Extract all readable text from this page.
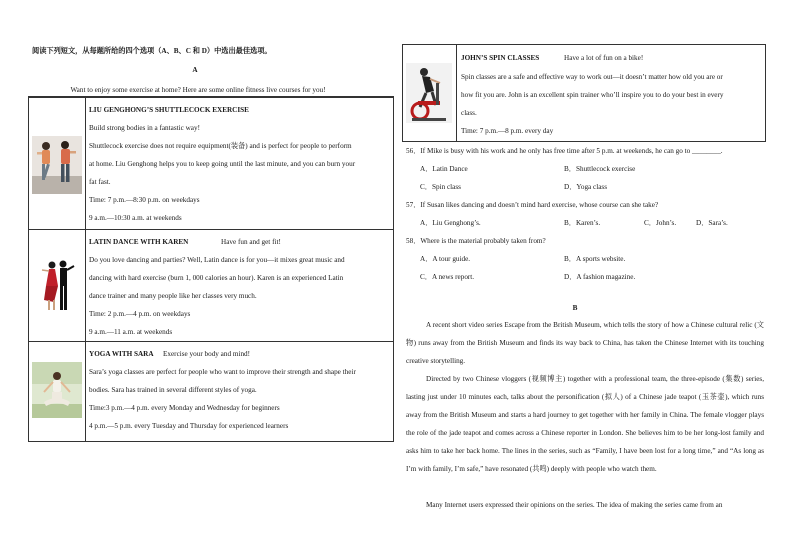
阅读下列短文，从每题所给的四个选项（A、B、C 和 D）中选出最佳选项。
A
Want to enjoy some exercise at home? Here are some online fitness live courses for you!
LIU GENGHONG’S SHUTTLECOCK EXERCISE
Build strong bodies in a fantastic way!
Shuttlecock exercise does not require equipment(装备) and is perfect for people to perform
at home. Liu Genghong helps you to keep going until the last minute, and you can burn your
fat fast.
Time: 7 p.m.—8:30 p.m. on weekdays
9 a.m.—10:30 a.m. at weekends
LATIN DANCE WITH KAREN	Have fun and get fit!
Do you love dancing and parties? Well, Latin dance is for you—it mixes great music and
dancing with hard exercise (burn 1, 000 calories an hour). Karen is an experienced Latin
dance trainer and many people like her classes very much.
Time: 2 p.m.—4 p.m. on weekdays
9 a.m.—11 a.m. at weekends
YOGA WITH SARA Exercise your body and mind!
Sara’s yoga classes are perfect for people who want to improve their strength and shape their
bodies. Sara has trained in several different styles of yoga.
Time:3 p.m.—4 p.m. every Monday and Wednesday for beginners
4 p.m.—5 p.m. every Tuesday and Thursday for experienced learners
JOHN’S SPIN CLASSES	Have a lot of fun on a bike!
Spin classes are a safe and effective way to work out—it doesn’t matter how old you are or
how fit you are. John is an excellent spin trainer who’ll inspire you to do your best in every
class.
Time: 7 p.m.—8 p.m. every day
56．If Mike is busy with his work and he only has free time after 5 p.m. at weekends, he can go to ________.
A．Latin Dance	B．Shuttlecock exercise
C．Spin class	D．Yoga class
57．If Susan likes dancing and doesn’t mind hard exercise, whose course can she take?
A．Liu Genghong’s.	B．Karen’s.	C．John’s.	D．Sara’s.
58．Where is the material probably taken from?
A．A tour guide.	B．A sports website.
C．A news report.	D．A fashion magazine.
B
A recent short video series Escape from the British Museum, which tells the story of how a Chinese cultural relic (文物) runs away from the British Museum and finds its way back to China, has taken the Chinese Internet with its touching creative storytelling.
Directed by two Chinese vloggers (视频博主) together with a professional team, the three-episode (集数) series, lasting just under 10 minutes each, talks about the personification (拟人) of a Chinese jade teapot (玉茶壶), which runs away from the British Museum and starts a hard journey to get together with her family in China. The female vlogger plays the role of the jade teapot and comes across a Chinese reporter in London. She believes him to be her long-lost family and asks him to take her back home. The lines in the series, such as “Family, I have been lost for a long time,” and “As long as I’m with family, I’m safe,” have resonated (共鸣) deeply with people who watch them.
Many Internet users expressed their opinions on the series. The idea of making the series came from an
